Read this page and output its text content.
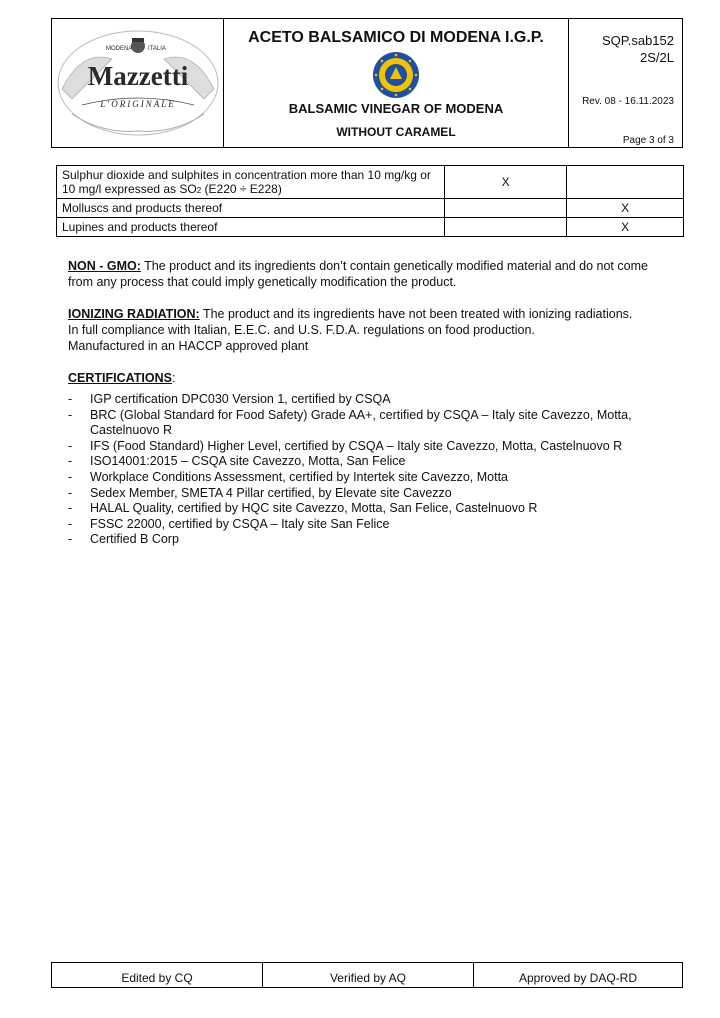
MODENA	ITALIA
Mazzetti
L'ORIGINALE
ACETO BALSAMICO DI MODENA I.G.P.
BALSAMIC VINEGAR OF MODENA
WITHOUT CARAMEL
SQP.sab152
2S/2L
Rev. 08 - 16.11.2023
Page 3 of 3
Sulphur dioxide and sulphites in concentration more than 10 mg/kg or 10 mg/l expressed as SO2 (E220 ÷ E228)	X	
Molluscs and products thereof		X
Lupines and products thereof		X

NON - GMO: The product and its ingredients don’t contain genetically modified material and do not come from any process that could imply genetically modification the product.

IONIZING RADIATION: The product and its ingredients have not been treated with ionizing radiations.

In full compliance with Italian, E.E.C. and U.S. F.D.A. regulations on food production.

Manufactured in an HACCP approved plant

CERTIFICATIONS:

- IGP certification DPC030 Version 1, certified by CSQA
- BRC (Global Standard for Food Safety) Grade AA+, certified by CSQA – Italy site Cavezzo, Motta, Castelnuovo R
- IFS (Food Standard) Higher Level, certified by CSQA – Italy site Cavezzo, Motta, Castelnuovo R
- ISO14001:2015 – CSQA site Cavezzo, Motta, San Felice
- Workplace Conditions Assessment, certified by Intertek site Cavezzo, Motta
- Sedex Member, SMETA 4 Pillar certified, by Elevate site Cavezzo
- HALAL Quality, certified by HQC site Cavezzo, Motta, San Felice, Castelnuovo R
- FSSC 22000, certified by CSQA – Italy site San Felice
- Certified B Corp
Edited by CQ	Verified by AQ	Approved by DAQ-RD
